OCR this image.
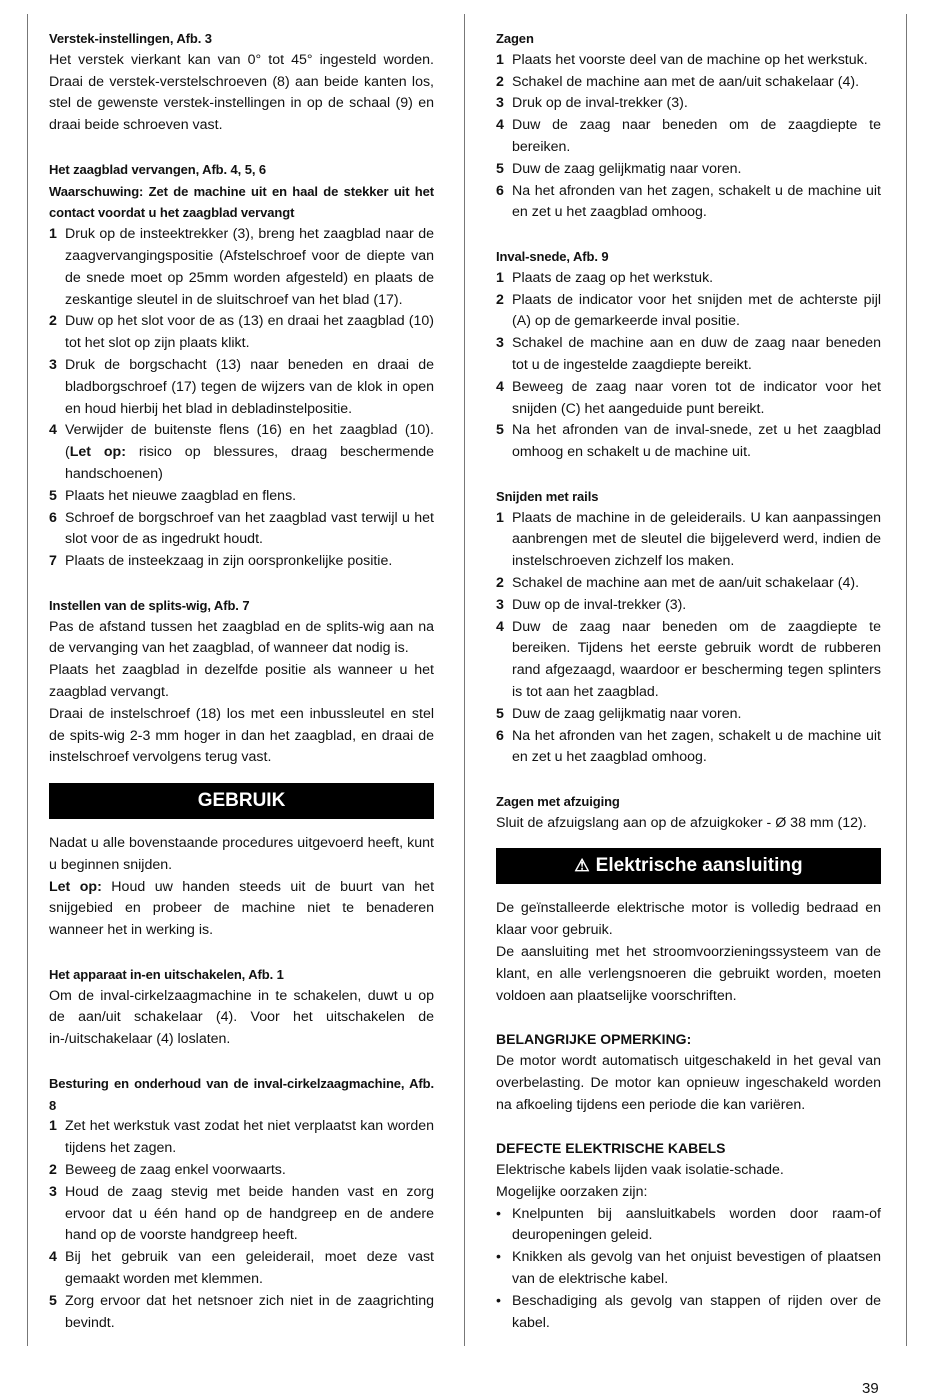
Verstek-instellingen, Afb. 3

Het verstek vierkant kan van 0° tot 45° ingesteld worden. Draai de verstek-verstelschroeven (8) aan beide kanten los, stel de gewenste verstek-instellingen in op de schaal (9) en draai beide schroeven vast.

Het zaagblad vervangen, Afb. 4, 5, 6

Waarschuwing: Zet de machine uit en haal de stekker uit het contact voordat u het zaagblad vervangt

1 Druk op de insteektrekker (3), breng het zaagblad naar de zaagvervangingspositie (Afstelschroef voor de diepte van de snede moet op 25mm worden afgesteld) en plaats de zeskantige sleutel in de sluitschroef van het blad (17).
2 Duw op het slot voor de as (13) en draai het zaagblad (10) tot het slot op zijn plaats klikt.
3 Druk de borgschacht (13) naar beneden en draai de bladborgschroef (17) tegen de wijzers van de klok in open en houd hierbij het blad in debladinstelpositie.
4 Verwijder de buitenste flens (16) en het zaagblad (10). (Let op: risico op blessures, draag beschermende handschoenen)
5 Plaats het nieuwe zaagblad en flens.
6 Schroef de borgschroef van het zaagblad vast terwijl u het slot voor de as ingedrukt houdt.
7 Plaats de insteekzaag in zijn oorspronkelijke positie.

Instellen van de splits-wig, Afb. 7

Pas de afstand tussen het zaagblad en de splits-wig aan na de vervanging van het zaagblad, of wanneer dat nodig is.

Plaats het zaagblad in dezelfde positie als wanneer u het zaagblad vervangt.

Draai de instelschroef (18) los met een inbussleutel en stel de spits-wig 2-3 mm hoger in dan het zaagblad, en draai de instelschroef vervolgens terug vast.

GEBRUIK

Nadat u alle bovenstaande procedures uitgevoerd heeft, kunt u beginnen snijden.

Let op: Houd uw handen steeds uit de buurt van het snijgebied en probeer de machine niet te benaderen wanneer het in werking is.

Het apparaat in-en uitschakelen, Afb. 1

Om de inval-cirkelzaagmachine in te schakelen, duwt u op de aan/uit schakelaar (4). Voor het uitschakelen de in-/uitschakelaar (4) loslaten.

Besturing en onderhoud van de inval-cirkelzaagmachine, Afb. 8

1 Zet het werkstuk vast zodat het niet verplaatst kan worden tijdens het zagen.
2 Beweeg de zaag enkel voorwaarts.
3 Houd de zaag stevig met beide handen vast en zorg ervoor dat u één hand op de handgreep en de andere hand op de voorste handgreep heeft.
4 Bij het gebruik van een geleiderail, moet deze vast gemaakt worden met klemmen.
5 Zorg ervoor dat het netsnoer zich niet in de zaagrichting bevindt.

Zagen

1 Plaats het voorste deel van de machine op het werkstuk.
2 Schakel de machine aan met de aan/uit schakelaar (4).
3 Druk op de inval-trekker (3).
4 Duw de zaag naar beneden om de zaagdiepte te bereiken.
5 Duw de zaag gelijkmatig naar voren.
6 Na het afronden van het zagen, schakelt u de machine uit en zet u het zaagblad omhoog.

Inval-snede, Afb. 9

1 Plaats de zaag op het werkstuk.
2 Plaats de indicator voor het snijden met de achterste pijl (A) op de gemarkeerde inval positie.
3 Schakel de machine aan en duw de zaag naar beneden tot u de ingestelde zaagdiepte bereikt.
4 Beweeg de zaag naar voren tot de indicator voor het snijden (C) het aangeduide punt bereikt.
5 Na het afronden van de inval-snede, zet u het zaagblad omhoog en schakelt u de machine uit.

Snijden met rails

1 Plaats de machine in de geleiderails. U kan aanpassingen aanbrengen met de sleutel die bijgeleverd werd, indien de instelschroeven zichzelf los maken.
2 Schakel de machine aan met de aan/uit schakelaar (4).
3 Duw op de inval-trekker (3).
4 Duw de zaag naar beneden om de zaagdiepte te bereiken. Tijdens het eerste gebruik wordt de rubberen rand afgezaagd, waardoor er bescherming tegen splinters is tot aan het zaagblad.
5 Duw de zaag gelijkmatig naar voren.
6 Na het afronden van het zagen, schakelt u de machine uit en zet u het zaagblad omhoog.

Zagen met afzuiging

Sluit de afzuigslang aan op de afzuigkoker - Ø 38 mm (12).

⚠ Elektrische aansluiting

De geïnstalleerde elektrische motor is volledig bedraad en klaar voor gebruik.

De aansluiting met het stroomvoorzieningssysteem van de klant, en alle verlengsnoeren die gebruikt worden, moeten voldoen aan plaatselijke voorschriften.

BELANGRIJKE OPMERKING:

De motor wordt automatisch uitgeschakeld in het geval van overbelasting. De motor kan opnieuw ingeschakeld worden na afkoeling tijdens een periode die kan variëren.

DEFECTE ELEKTRISCHE KABELS

Elektrische kabels lijden vaak isolatie-schade.

Mogelijke oorzaken zijn:

• Knelpunten bij aansluitkabels worden door raam-of deuropeningen geleid.
• Knikken als gevolg van het onjuist bevestigen of plaatsen van de elektrische kabel.
• Beschadiging als gevolg van stappen of rijden over de kabel.
39
